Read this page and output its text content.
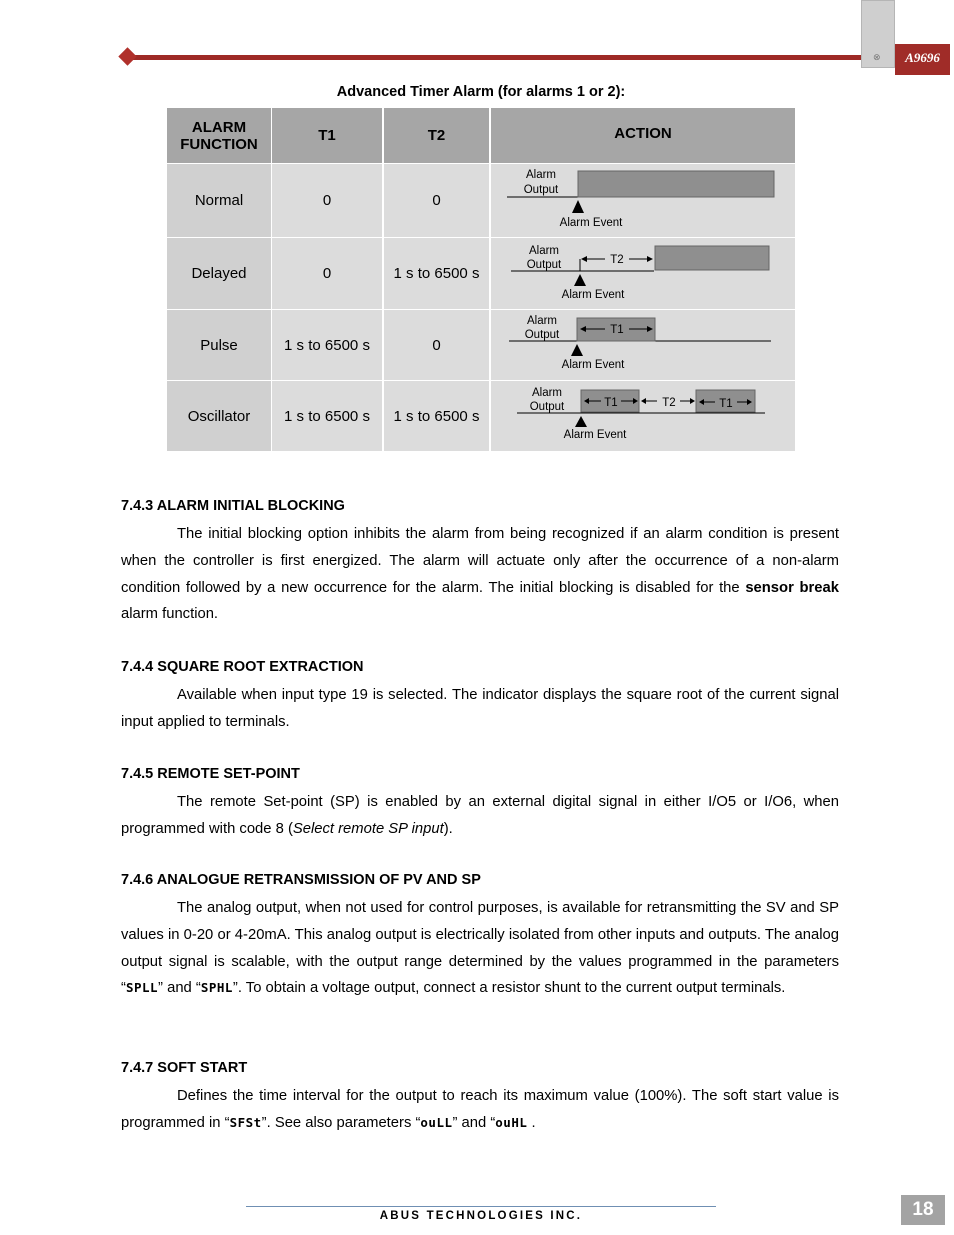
⊗	A9696
Advanced Timer Alarm (for alarms 1 or 2):
ALARM FUNCTION	T1	T2	ACTION
Normal	0	0
Alarm
Output
Alarm Event
Delayed	0	1 s to 6500 s
Alarm
Output	T2
Alarm Event
Pulse	1 s to 6500 s	0
Alarm
Output	T1
Alarm Event
Oscillator	1 s to 6500 s	1 s to 6500 s
Alarm
Output	T1	T2	T1
Alarm Event
7.4.3 ALARM INITIAL BLOCKING
The initial blocking option inhibits the alarm from being recognized if an alarm condition is present when the controller is first energized. The alarm will actuate only after the occurrence of a non-alarm condition followed by a new occurrence for the alarm. The initial blocking is disabled for the sensor break alarm function.
7.4.4 SQUARE ROOT EXTRACTION
Available when input type 19 is selected. The indicator displays the square root of the current signal input applied to terminals.
7.4.5 REMOTE SET-POINT
The remote Set-point (SP) is enabled by an external digital signal in either I/O5 or I/O6, when programmed with code 8 (Select remote SP input).
7.4.6 ANALOGUE RETRANSMISSION OF PV AND SP
The analog output, when not used for control purposes, is available for retransmitting the SV and SP values in 0-20 or 4-20mA. This analog output is electrically isolated from other inputs and outputs. The analog output signal is scalable, with the output range determined by the values programmed in the parameters “SPLL” and “SPHL”. To obtain a voltage output, connect a resistor shunt to the current output terminals.
7.4.7 SOFT START
Defines the time interval for the output to reach its maximum value (100%). The soft start value is programmed in “SFSt”. See also parameters “ouLL” and “ouHL .
ABUS TECHNOLOGIES INC.	18
